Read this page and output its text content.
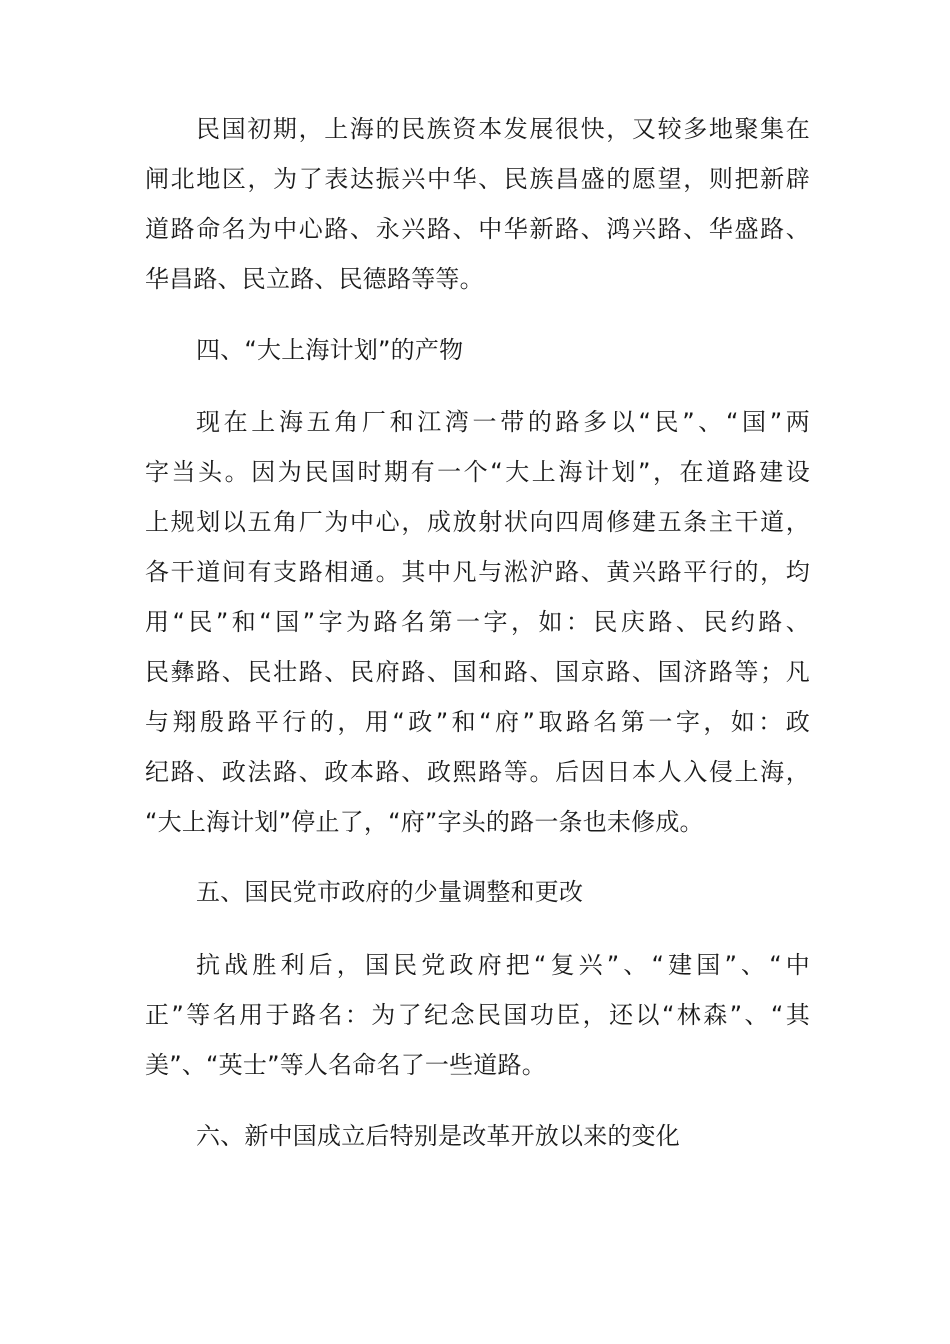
民国初期，上海的民族资本发展很快，又较多地聚集在
闸北地区，为了表达振兴中华、民族昌盛的愿望，则把新辟
道路命名为中心路、永兴路、中华新路、鸿兴路、华盛路、
华昌路、民立路、民德路等等。
四、“大上海计划”的产物
现在上海五角厂和江湾一带的路多以“民”、“国”两
字当头。因为民国时期有一个“大上海计划”，在道路建设
上规划以五角厂为中心，成放射状向四周修建五条主干道，
各干道间有支路相通。其中凡与淞沪路、黄兴路平行的，均
用“民”和“国”字为路名第一字，如：民庆路、民约路、
民彝路、民壮路、民府路、国和路、国京路、国济路等；凡
与翔殷路平行的，用“政”和“府”取路名第一字，如：政
纪路、政法路、政本路、政熙路等。后因日本人入侵上海，
“大上海计划”停止了，“府”字头的路一条也未修成。
五、国民党市政府的少量调整和更改
抗战胜利后，国民党政府把“复兴”、“建国”、“中
正”等名用于路名：为了纪念民国功臣，还以“林森”、“其
美”、“英士”等人名命名了一些道路。
六、新中国成立后特别是改革开放以来的变化
